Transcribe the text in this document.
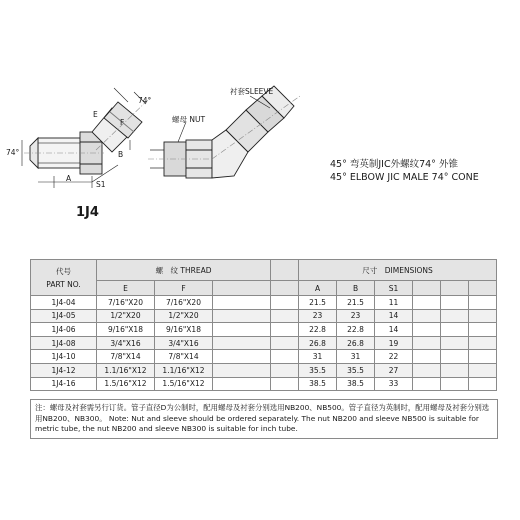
74°
74°
E
F
A
B
S1
衬套SLEEVE
螺母 NUT
45° 弯英制JIC外螺纹74° 外锥
45° ELBOW JIC MALE 74° CONE
1J4
代号
PART NO.	螺　纹 THREAD				尺寸　DIMENSIONS					
	E	F			A	B	S1			
1J4-04	7/16"X20	7/16"X20			21.5	21.5	11			
1J4-05	1/2"X20	1/2"X20			23	23	14			
1J4-06	9/16"X18	9/16"X18			22.8	22.8	14			
1J4-08	3/4"X16	3/4"X16			26.8	26.8	19			
1J4-10	7/8"X14	7/8"X14			31	31	22			
1J4-12	1.1/16"X12	1.1/16"X12			35.5	35.5	27			
1J4-16	1.5/16"X12	1.5/16"X12			38.5	38.5	33			
注：螺母及衬套需另行订货。管子直径D为公制时，配用螺母及衬套分别选用NB200、NB500。管子直径为英制时，配用螺母及衬套分别选用NB200、NB300。 Note: Nut and sleeve should be ordered separately. The nut NB200 and sleeve NB500 is suitable for metric tube, the nut NB200 and sleeve NB300 is suitable for inch tube.
